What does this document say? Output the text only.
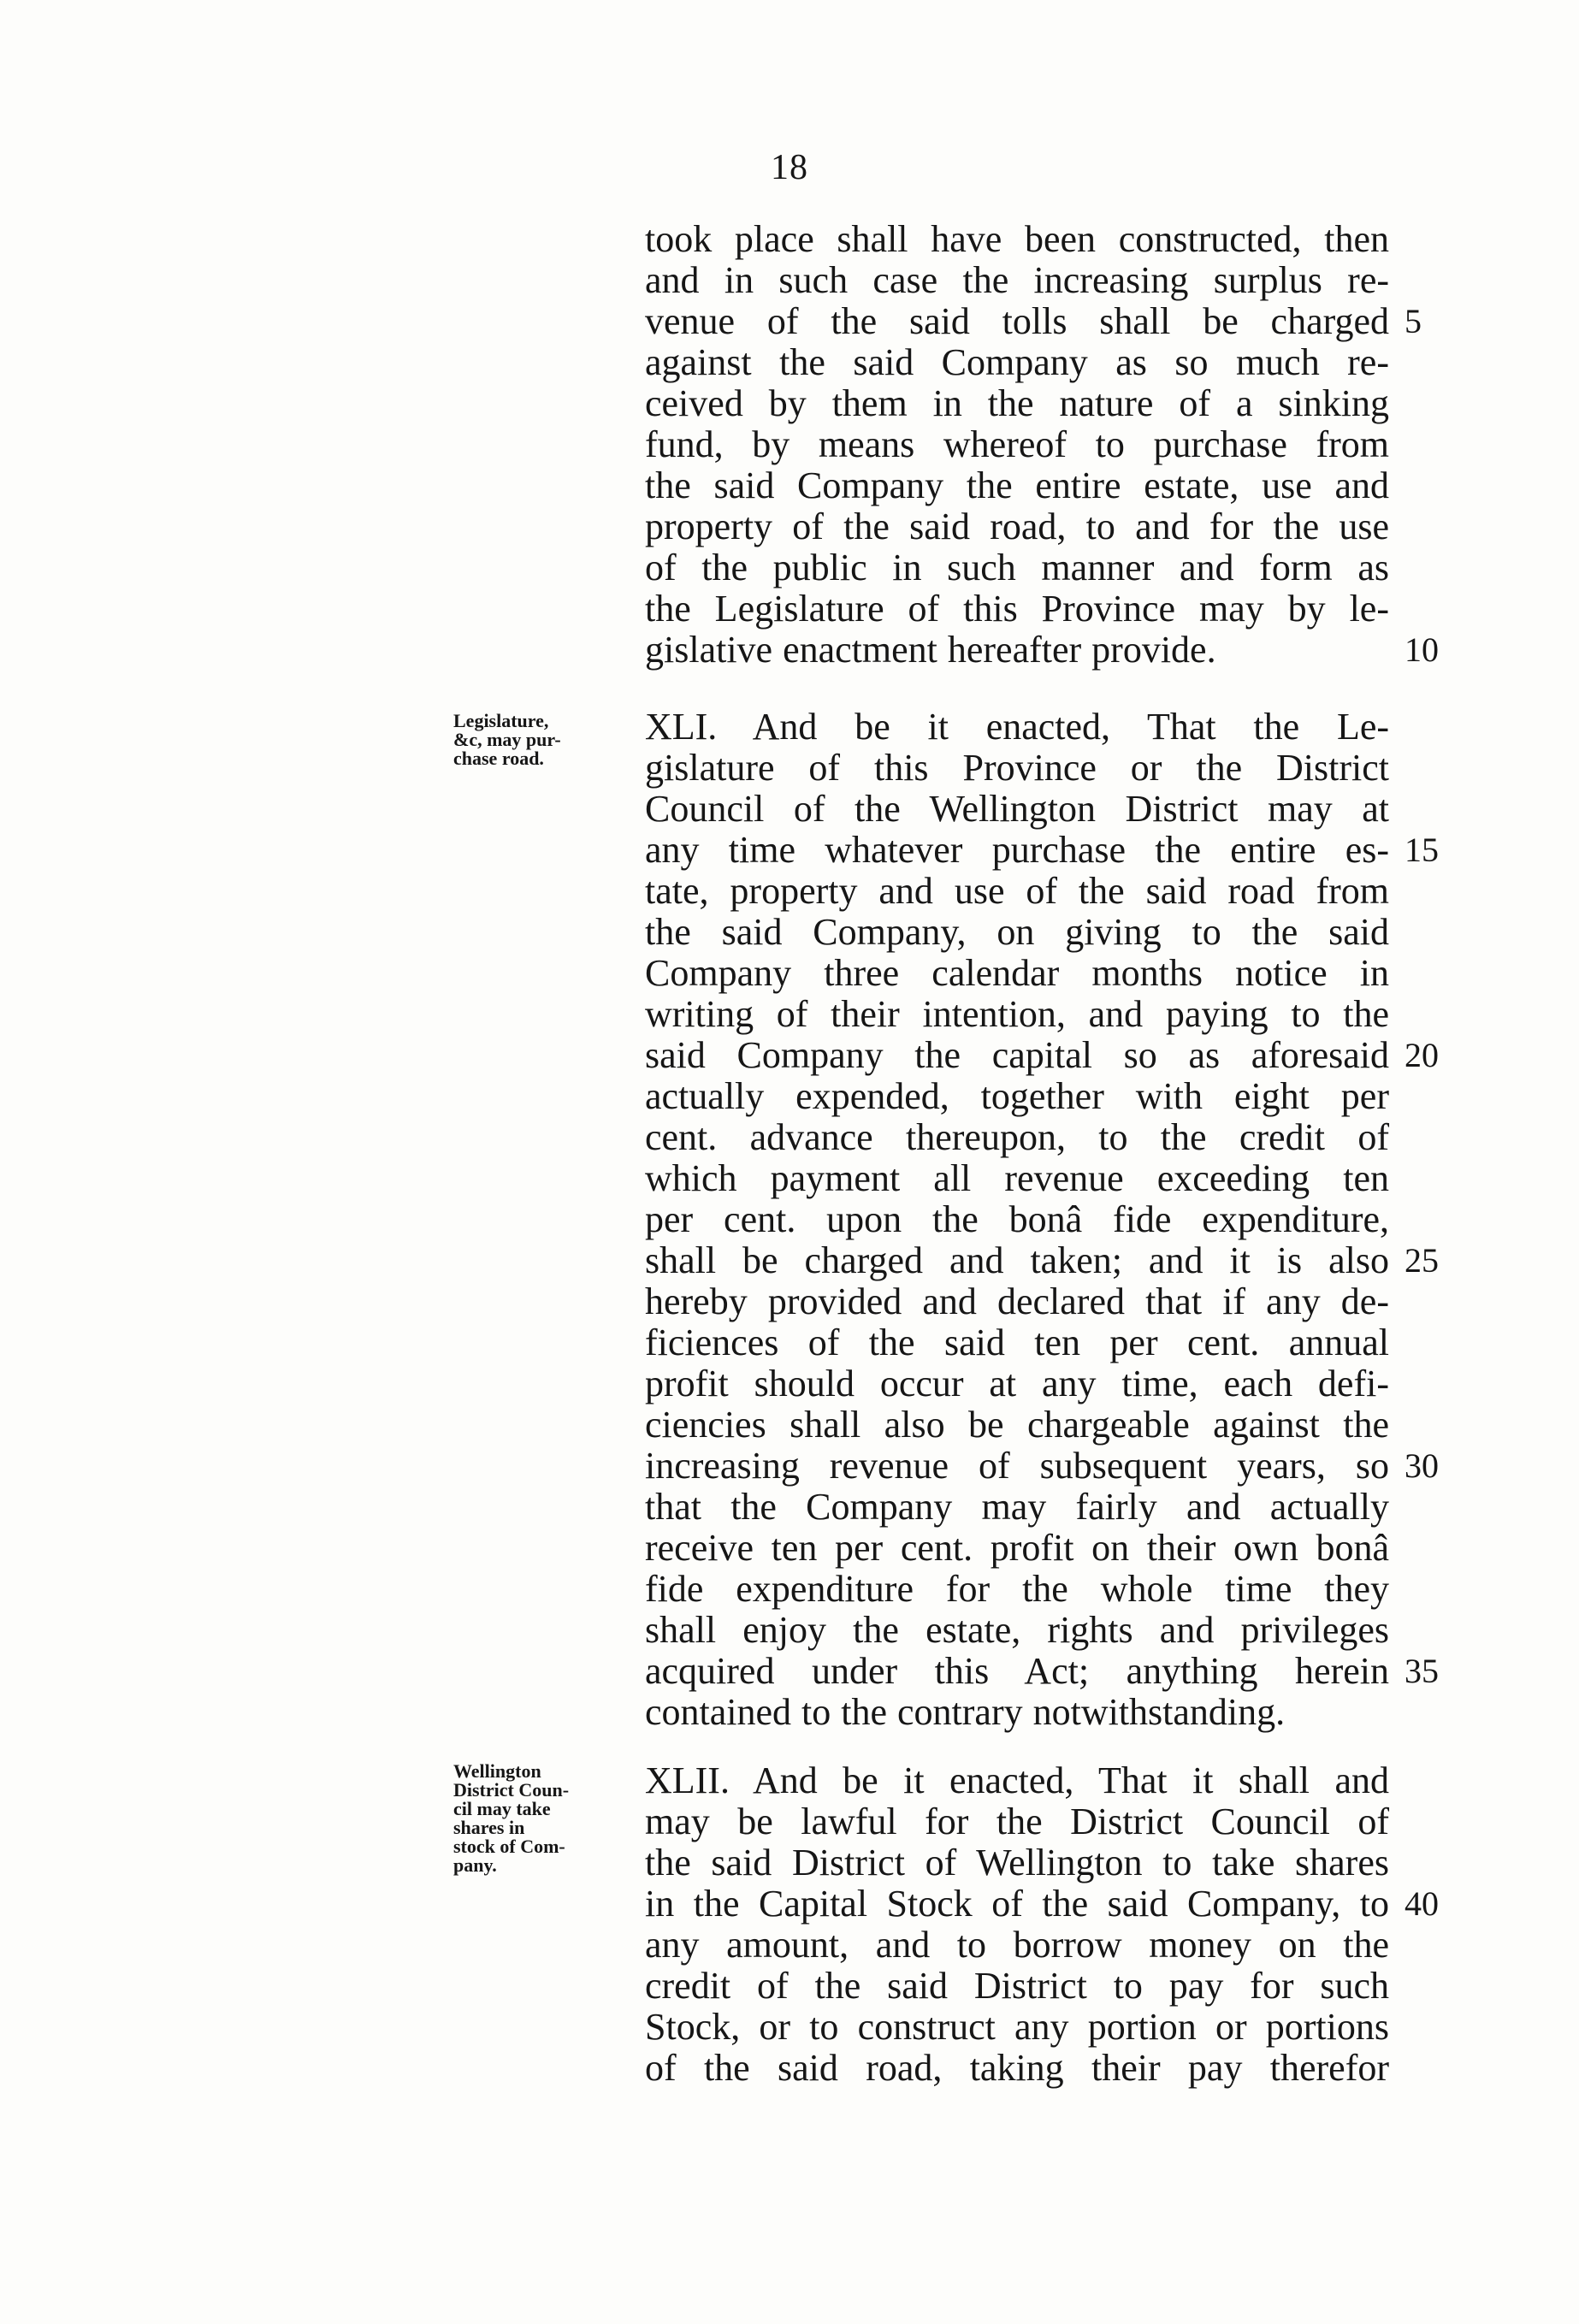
18
took place shall have been constructed, then
and in such case the increasing surplus re-
venue of the said tolls shall be charged
against the said Company as so much re-
ceived by them in the nature of a sinking
fund, by means whereof to purchase from
the said Company the entire estate, use and
property of the said road, to and for the use
of the public in such manner and form as
the Legislature of this Province may by le-
gislative enactment hereafter provide.
Legislature,
&c, may pur-
chase road.
XLI. And be it enacted, That the Le-
gislature of this Province or the District
Council of the Wellington District may at
any time whatever purchase the entire es-
tate, property and use of the said road from
the said Company, on giving to the said
Company three calendar months notice in
writing of their intention, and paying to the
said Company the capital so as aforesaid
actually expended, together with eight per
cent. advance thereupon, to the credit of
which payment all revenue exceeding ten
per cent. upon the bonâ fide expenditure,
shall be charged and taken; and it is also
hereby provided and declared that if any de-
ficiences of the said ten per cent. annual
profit should occur at any time, each defi-
ciencies shall also be chargeable against the
increasing revenue of subsequent years, so
that the Company may fairly and actually
receive ten per cent. profit on their own bonâ
fide expenditure for the whole time they
shall enjoy the estate, rights and privileges
acquired under this Act; anything herein
contained to the contrary notwithstanding.
Wellington
District Coun-
cil may take
shares in
stock of Com-
pany.
XLII. And be it enacted, That it shall and
may be lawful for the District Council of
the said District of Wellington to take shares
in the Capital Stock of the said Company, to
any amount, and to borrow money on the
credit of the said District to pay for such
Stock, or to construct any portion or portions
of the said road, taking their pay therefor
5
10
15
20
25
30
35
40
